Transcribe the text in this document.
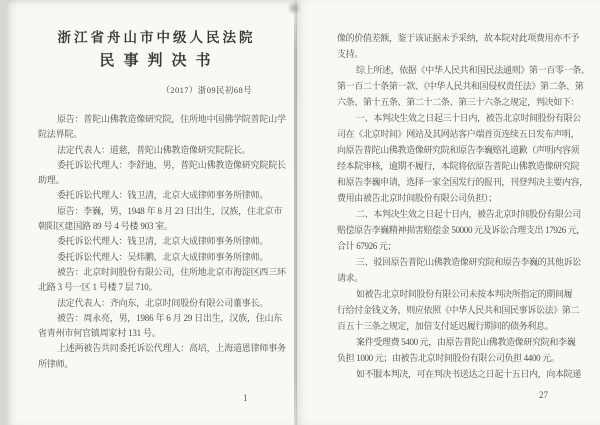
浙江省舟山市中级人民法院
民事判决书
（2017）浙09民初68号
原告：普陀山佛教造像研究院，住所地中国佛学院普陀山学
院法界院。
法定代表人：道慈，普陀山佛教造像研究院院长。
委托诉讼代理人：李舒迪，男，普陀山佛教造像研究院院长
助理。
委托诉讼代理人：钱卫清，北京大成律师事务所律师。
原告：李巍，男，1948 年 8 月 23 日出生，汉族，住北京市
朝阳区建国路 89 号 4 号楼 903 室。
委托诉讼代理人：钱卫清，北京大成律师事务所律师。
委托诉讼代理人：吴炜鹏，北京大成律师事务所律师。
被告：北京时间股份有限公司，住所地北京市海淀区西三环
北路 3 号一区 1 号楼 7 层 710。
法定代表人：齐向东，北京时间股份有限公司董事长。
被告：周永亮，男，1986 年 6 月 29 日出生，汉族，住山东
省青州市何官镇周家村 131 号。
上述两被告共同委托诉讼代理人：高培，上海道恩律师事务
所律师。
1
像的价值差额，鉴于该证据未予采纳，故本院对此项费用亦不予
支持。
综上所述，依据《中华人民共和国民法通则》第一百零一条、
第一百二十条第一款、《中华人民共和国侵权责任法》第二条、第
六条、第十五条、第二十二条、第三十六条之规定，判决如下：
一、本判决生效之日起三十日内，被告北京时间股份有限公
司在《北京时间》网站及其网站客户端首页连续五日发布声明，
向原告普陀山佛教造像研究院和原告李巍赔礼道歉（声明内容须
经本院审核，逾期不履行，本院将依原告普陀山佛教造像研究院
和原告李巍申请，选择一家全国发行的报刊，刊登判决主要内容，
费用由被告北京时间股份有限公司负担）；
二、本判决生效之日起十日内，被告北京时间股份有限公司
赔偿原告李巍精神损害赔偿金 50000 元及诉讼合理支出 17926 元，
合计 67926 元；
三、驳回原告普陀山佛教造像研究院和原告李巍的其他诉讼
请求。
如被告北京时间股份有限公司未按本判决所指定的期间履
行给付金钱义务，则应依照《中华人民共和国民事诉讼法》第二
百五十三条之规定，加倍支付延迟履行期间的债务利息。
案件受理费 5400 元，由原告普陀山佛教造像研究院和李巍
负担 1000 元；由被告北京时间股份有限公司负担 4400 元。
如不服本判决，可在判决书送达之日起十五日内，向本院递
27
